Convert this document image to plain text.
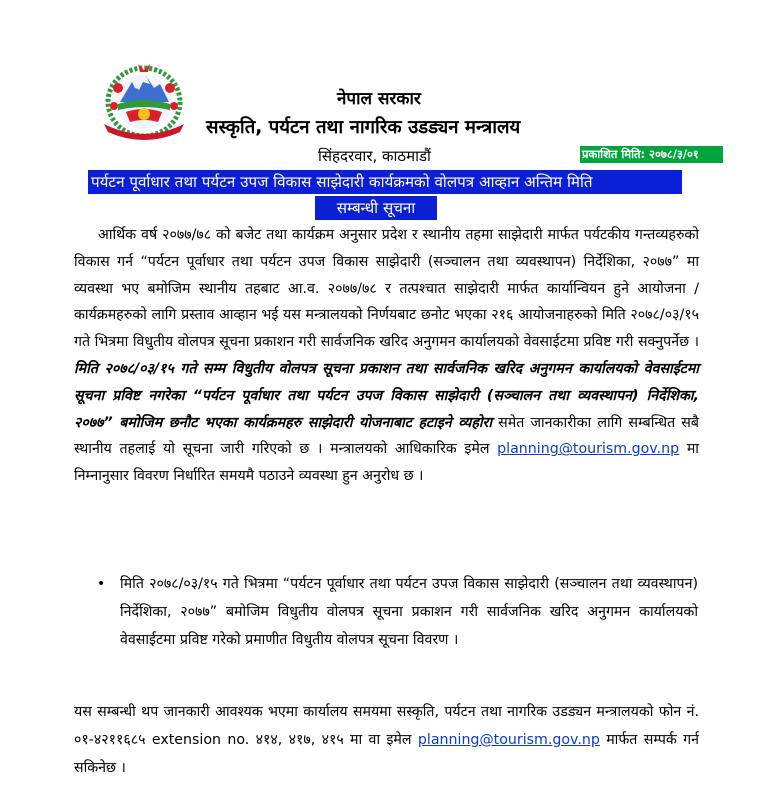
नेपाल सरकार
सस्कृति, पर्यटन तथा नागरिक उडड्यन मन्त्रालय
सिंहदरवार, काठमाडौं	प्रकाशित मिति: २०७८/३/०१
पर्यटन पूर्वाधार तथा पर्यटन उपज विकास साझेदारी कार्यक्रमको वोलपत्र आव्हान अन्तिम मिति
सम्बन्धी सूचना

आर्थिक वर्ष २०७७/७८ को बजेट तथा कार्यक्रम अनुसार प्रदेश र स्थानीय तहमा साझेदारी मार्फत पर्यटकीय गन्तव्यहरुको विकास गर्न “पर्यटन पूर्वाधार तथा पर्यटन उपज विकास साझेदारी (सञ्चालन तथा व्यवस्थापन) निर्देशिका, २०७७” मा व्यवस्था भए बमोजिम स्थानीय तहबाट आ.व. २०७७/७८ र तत्पश्चात साझेदारी मार्फत कार्यान्वियन हुने आयोजना / कार्यक्रमहरुको लागि प्रस्ताव आव्हान भई यस मन्त्रालयको निर्णयबाट छनोट भएका २१६ आयोजनाहरुको मिति २०७८/०३/१५ गते भित्रमा विधुतीय वोलपत्र सूचना प्रकाशन गरी सार्वजनिक खरिद अनुगमन कार्यालयको वेवसाईटमा प्रविष्ट गरी सक्नुपर्नेछ । मिति २०७८/०३/१५ गते सम्म विधुतीय वोलपत्र सूचना प्रकाशन तथा सार्वजनिक खरिद अनुगमन कार्यालयको वेवसाईटमा सूचना प्रविष्ट नगरेका “पर्यटन पूर्वाधार तथा पर्यटन उपज विकास साझेदारी (सञ्चालन तथा व्यवस्थापन) निर्देशिका, २०७७” बमोजिम छनौट भएका कार्यक्रमहरु साझेदारी योजनाबाट हटाइने व्यहोरा समेत जानकारीका लागि सम्बन्धित सबै स्थानीय तहलाई यो सूचना जारी गरिएको छ । मन्त्रालयको आधिकारिक इमेल planning@tourism.gov.np मा निम्नानुसार विवरण निर्धारित समयमै पठाउने व्यवस्था हुन अनुरोध छ ।

• मिति २०७८/०३/१५ गते भित्रमा “पर्यटन पूर्वाधार तथा पर्यटन उपज विकास साझेदारी (सञ्चालन तथा व्यवस्थापन) निर्देशिका, २०७७” बमोजिम विधुतीय वोलपत्र सूचना प्रकाशन गरी सार्वजनिक खरिद अनुगमन कार्यालयको वेवसाईटमा प्रविष्ट गरेको प्रमाणीत विधुतीय वोलपत्र सूचना विवरण ।

यस सम्बन्धी थप जानकारी आवश्यक भएमा कार्यालय समयमा सस्कृति, पर्यटन तथा नागरिक उडड्यन मन्त्रालयको फोन नं. ०१-४२११६८५ extension no. ४१४, ४१७, ४१५ मा वा इमेल planning@tourism.gov.np मार्फत सम्पर्क गर्न सकिनेछ ।
